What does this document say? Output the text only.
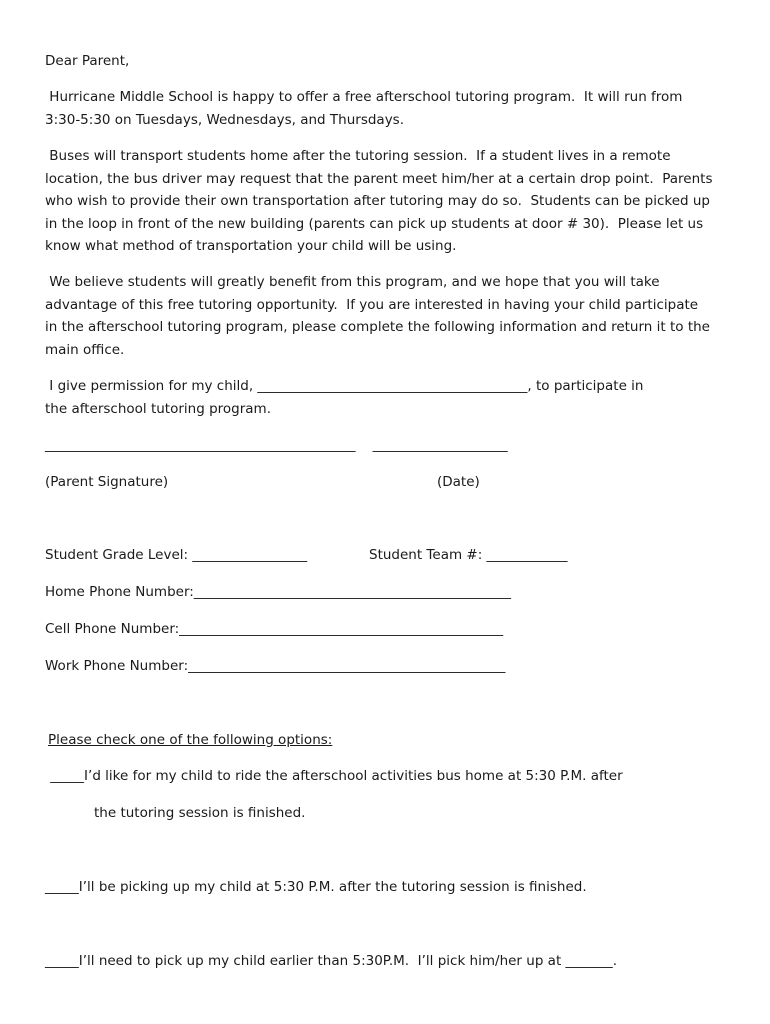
Dear Parent,
Hurricane Middle School is happy to offer a free afterschool tutoring program.  It will run from
3:30-5:30 on Tuesdays, Wednesdays, and Thursdays.
Buses will transport students home after the tutoring session.  If a student lives in a remote
location, the bus driver may request that the parent meet him/her at a certain drop point.  Parents
who wish to provide their own transportation after tutoring may do so.  Students can be picked up
in the loop in front of the new building (parents can pick up students at door # 30).  Please let us
know what method of transportation your child will be using.
We believe students will greatly benefit from this program, and we hope that you will take
advantage of this free tutoring opportunity.  If you are interested in having your child participate
in the afterschool tutoring program, please complete the following information and return it to the
main office.
I give permission for my child, ________________________________________, to participate in
the afterschool tutoring program.
______________________________________________    ____________________
(Parent Signature)	(Date)
Student Grade Level: _________________	Student Team #: ____________
Home Phone Number:_______________________________________________
Cell Phone Number:________________________________________________
Work Phone Number:_______________________________________________
Please check one of the following options:
_____I’d like for my child to ride the afterschool activities bus home at 5:30 P.M. after
the tutoring session is finished.
_____I’ll be picking up my child at 5:30 P.M. after the tutoring session is finished.
_____I’ll need to pick up my child earlier than 5:30P.M.  I’ll pick him/her up at _______.
